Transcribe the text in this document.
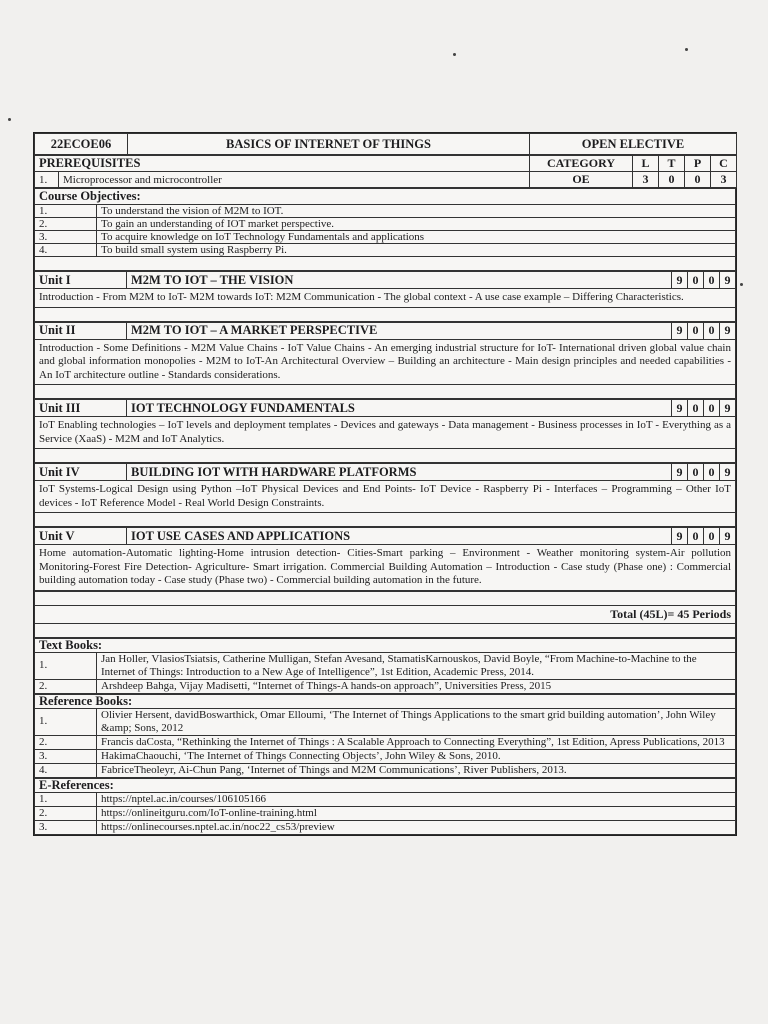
22ECOE06	BASICS OF INTERNET OF THINGS	OPEN ELECTIVE
PREREQUISITES		CATEGORY	L	T	P	C
1.	Microprocessor and microcontroller	OE	3	0	0	3
Course Objectives:	
1.	To understand the vision of M2M to IOT.
2.	To gain an understanding of IOT market perspective.
3.	To acquire knowledge on IoT Technology Fundamentals and applications
4.	To build small system using Raspberry Pi.

Unit I	M2M TO IOT – THE VISION	9	0	0	9
Introduction - From M2M to IoT- M2M towards IoT: M2M Communication - The global context - A use case example – Differing Characteristics.

Unit II	M2M TO IOT – A MARKET PERSPECTIVE	9	0	0	9
Introduction - Some Definitions - M2M Value Chains - IoT Value Chains - An emerging industrial structure for IoT- International driven global value chain and global information monopolies - M2M to IoT-An Architectural Overview – Building an architecture - Main design principles and needed capabilities - An IoT architecture outline - Standards considerations.

Unit III	IOT TECHNOLOGY FUNDAMENTALS	9	0	0	9
IoT Enabling technologies – IoT levels and deployment templates - Devices and gateways - Data management - Business processes in IoT - Everything as a Service (XaaS) - M2M and IoT Analytics.

Unit IV	BUILDING IOT WITH HARDWARE PLATFORMS	9	0	0	9
IoT Systems-Logical Design using Python –IoT Physical Devices and End Points- IoT Device - Raspberry Pi - Interfaces – Programming – Other IoT devices - IoT Reference Model - Real World Design Constraints.

Unit V	IOT USE CASES AND APPLICATIONS	9	0	0	9
Home automation-Automatic lighting-Home intrusion detection- Cities-Smart parking – Environment - Weather monitoring system-Air pollution Monitoring-Forest Fire Detection- Agriculture- Smart irrigation. Commercial Building Automation – Introduction - Case study (Phase one) : Commercial building automation today - Case study (Phase two) - Commercial building automation in the future.

Total (45L)= 45 Periods

Text Books:	
1.	Jan Holler, VlasiosTsiatsis, Catherine Mulligan, Stefan Avesand, StamatisKarnouskos, David Boyle, “From Machine-to-Machine to the Internet of Things: Introduction to a New Age of Intelligence”, 1st Edition, Academic Press, 2014.
2.	Arshdeep Bahga, Vijay Madisetti, “Internet of Things-A hands-on approach”, Universities Press, 2015
Reference Books:	
1.	Olivier Hersent, davidBoswarthick, Omar Elloumi, ‘The Internet of Things Applications to the smart grid building automation’, John Wiley &amp; Sons, 2012
2.	Francis daCosta, “Rethinking the Internet of Things : A Scalable Approach to Connecting Everything”, 1st Edition, Apress Publications, 2013
3.	HakimaChaouchi, ‘The Internet of Things Connecting Objects’, John Wiley & Sons, 2010.
4.	FabriceTheoleyr, Ai-Chun Pang, ‘Internet of Things and M2M Communications’, River Publishers, 2013.
E-References:	
1.	https://nptel.ac.in/courses/106105166
2.	https://onlineitguru.com/IoT-online-training.html
3.	https://onlinecourses.nptel.ac.in/noc22_cs53/preview
